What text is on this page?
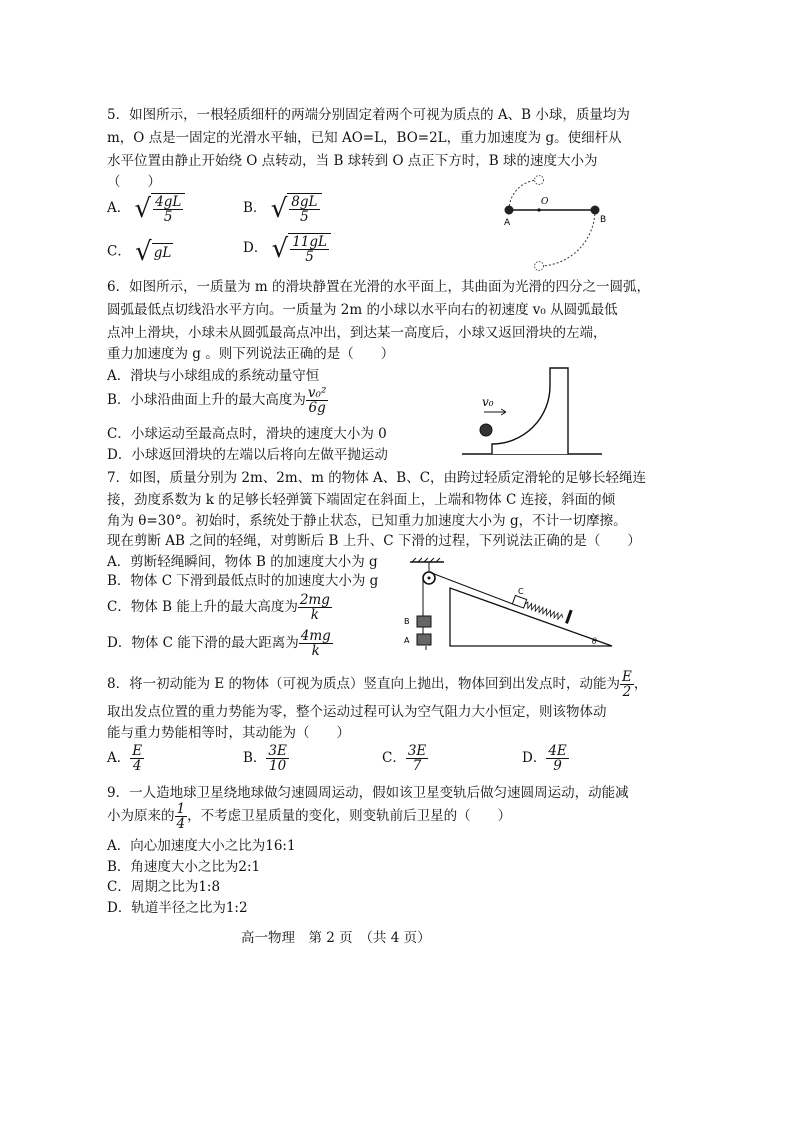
5．如图所示，一根轻质细杆的两端分别固定着两个可视为质点的 A、B 小球，质量均为
m，O 点是一固定的光滑水平轴，已知 AO=L，BO=2L，重力加速度为 g。使细杆从
水平位置由静止开始绕 O 点转动，当 B 球转到 O 点正下方时，B 球的速度大小为
（　　）
A． √ $\frac{4gL}{5}$	B． √ $\frac{8gL}{5}$
C． √ gL	D． √ $\frac{11gL}{5}$
A	B
O
6．如图所示，一质量为 m 的滑块静置在光滑的水平面上，其曲面为光滑的四分之一圆弧，
圆弧最低点切线沿水平方向。一质量为 2m 的小球以水平向右的初速度 v₀ 从圆弧最低
点冲上滑块，小球未从圆弧最高点冲出，到达某一高度后，小球又返回滑块的左端，
重力加速度为 g 。则下列说法正确的是（　　）
A．滑块与小球组成的系统动量守恒
B．小球沿曲面上升的最大高度为 $\frac{\text{v₀²}}{6g}$
C．小球运动至最高点时，滑块的速度大小为 0
D．小球返回滑块的左端以后将向左做平抛运动
v₀
7．如图，质量分别为 2m、2m、m 的物体 A、B、C，由跨过轻质定滑轮的足够长轻绳连
接，劲度系数为 k 的足够长轻弹簧下端固定在斜面上，上端和物体 C 连接，斜面的倾
角为 θ=30°。初始时，系统处于静止状态，已知重力加速度大小为 g，不计一切摩擦。
现在剪断 AB 之间的轻绳，对剪断后 B 上升、C 下滑的过程，下列说法正确的是（　　）
A．剪断轻绳瞬间，物体 B 的加速度大小为 g
B．物体 C 下滑到最低点时的加速度大小为 g
C．物体 B 能上升的最大高度为 $\frac{2mg}{k}$
D．物体 C 能下滑的最大距离为 $\frac{4mg}{k}$
B
A
C
θ
8．将一初动能为 E 的物体（可视为质点）竖直向上抛出，物体回到出发点时，动能为 $\frac{E}{2}$ ，
取出发点位置的重力势能为零，整个运动过程可认为空气阻力大小恒定，则该物体动
能与重力势能相等时，其动能为（　　）
A． $\frac{E}{4}$	B． $\frac{3E}{10}$	C． $\frac{3E}{7}$	D． $\frac{4E}{9}$
9．一人造地球卫星绕地球做匀速圆周运动，假如该卫星变轨后做匀速圆周运动，动能减
小为原来的 $\frac{1}{4}$ ，不考虑卫星质量的变化，则变轨前后卫星的（　　）
A．向心加速度大小之比为16:1
B．角速度大小之比为2:1
C．周期之比为1:8
D．轨道半径之比为1:2
高一物理　第 2 页　（共 4 页）
